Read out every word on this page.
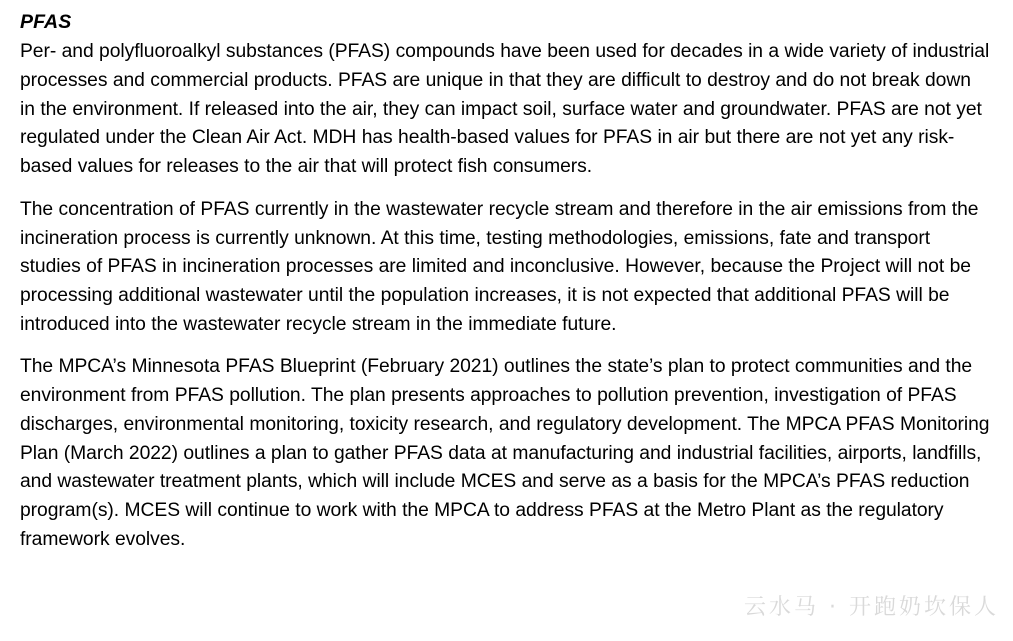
PFAS

Per- and polyfluoroalkyl substances (PFAS) compounds have been used for decades in a wide variety of industrial processes and commercial products. PFAS are unique in that they are difficult to destroy and do not break down in the environment. If released into the air, they can impact soil, surface water and groundwater. PFAS are not yet regulated under the Clean Air Act. MDH has health-based values for PFAS in air but there are not yet any risk-based values for releases to the air that will protect fish consumers.

The concentration of PFAS currently in the wastewater recycle stream and therefore in the air emissions from the incineration process is currently unknown. At this time, testing methodologies, emissions, fate and transport studies of PFAS in incineration processes are limited and inconclusive. However, because the Project will not be processing additional wastewater until the population increases, it is not expected that additional PFAS will be introduced into the wastewater recycle stream in the immediate future.

The MPCA’s Minnesota PFAS Blueprint (February 2021) outlines the state’s plan to protect communities and the environment from PFAS pollution. The plan presents approaches to pollution prevention, investigation of PFAS discharges, environmental monitoring, toxicity research, and regulatory development. The MPCA PFAS Monitoring Plan (March 2022) outlines a plan to gather PFAS data at manufacturing and industrial facilities, airports, landfills, and wastewater treatment plants, which will include MCES and serve as a basis for the MPCA’s PFAS reduction program(s). MCES will continue to work with the MPCA to address PFAS at the Metro Plant as the regulatory framework evolves.

云水马 · 开跑奶坎保人
